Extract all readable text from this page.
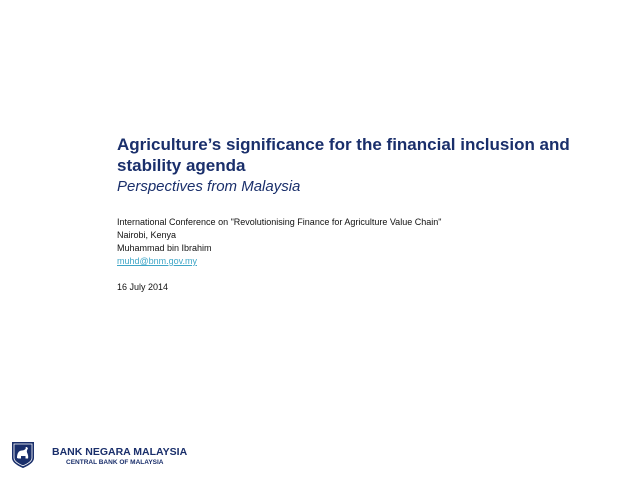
Agriculture’s significance for the financial inclusion and stability agenda

Perspectives from Malaysia

International Conference on "Revolutionising Finance for Agriculture Value Chain"
Nairobi, Kenya
Muhammad bin Ibrahim
muhd@bnm.gov.my
16 July 2014
BANK NEGARA MALAYSIA
CENTRAL BANK OF MALAYSIA
